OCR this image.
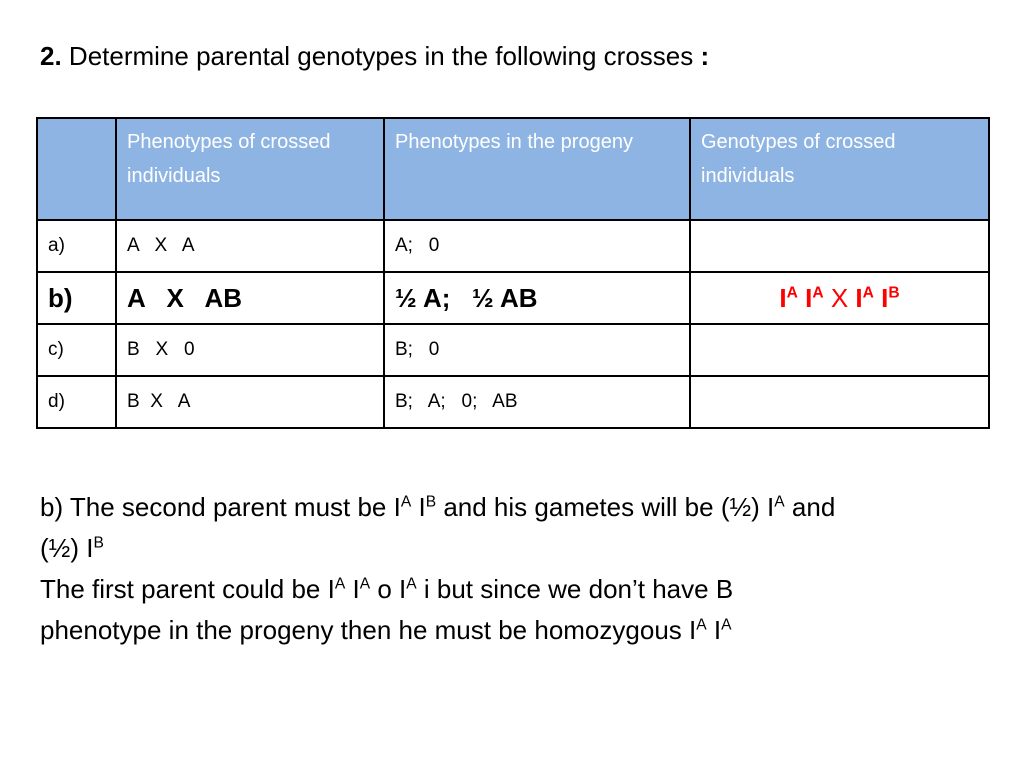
2. Determine parental genotypes in the following crosses :
	Phenotypes of crossed individuals	Phenotypes in the progeny	Genotypes of crossed individuals
a)	A   X   A	A;   0	
b)	A   X   AB	½ A;   ½ AB	$I^A$ $I^A$ X $I^A$ $I^B$
c)	B   X   0	B;   0	
d)	B  X   A	B;   A;   0;   AB	
b) The second parent must be $I^A$ $I^B$ and his gametes will be (½) $I^A$ and
(½) $I^B$
The first parent could be $I^A$ $I^A$ o $I^A$ i but since we don’t have B
phenotype in the progeny then he must be homozygous $I^A$ $I^A$
